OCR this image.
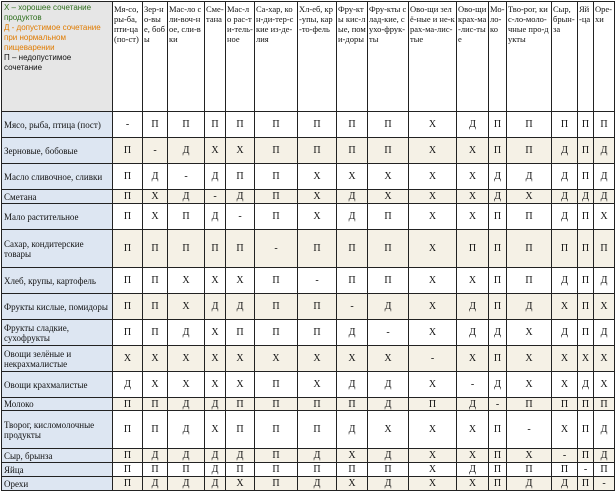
Х – хорошее сочетание продуктов
Д - допустимое сочетание при нормальном пищеварении
П – недопустимое сочетание	Мя-со, ры-ба, пти-ца (по-ст)	Зер-но-вые, бобы	Мас-ло сли-воч-ное, сли-вки	Сме-тана	Мас-ло рас-ти-тель-ное	Са-хар, кон-ди-тер-ские из-де-лия	Хл-еб, кр-упы, кар-то-фель	Фру-кты кис-лые, поми-доры	Фру-кты слад-кие, сухо-фрук-ты	Ово-щи зелё-ные и не-крах-ма-лис-тые	Ово-щи крах-ма-лис-тые	Мо-ло-ко	Тво-рог, кис-ло-моло-чные про-дукты	Сыр, брын-за	Яй-ца	Оре-хи
Мясо, рыба, птица (пост)	-	П	П	П	П	П	П	П	П	Х	Д	П	П	П	П	П
Зерновые, бобовые	П	-	Д	Х	Х	П	П	П	П	Х	Х	П	П	Д	П	Д
Масло сливочное, сливки	П	Д	-	Д	П	П	Х	Х	Х	Х	Х	Д	Д	Д	П	Д
Сметана	П	Х	Д	-	Д	П	Х	Д	Х	Х	Х	Д	Х	Д	Д	Д
Мало растительное	П	Х	П	Д	-	П	Х	Д	П	Х	Х	П	П	Д	П	Х
Сахар, кондитерские товары	П	П	П	П	П	-	П	П	П	Х	П	П	П	П	П	П
Хлеб, крупы, картофель	П	П	Х	Х	Х	П	-	П	П	Х	Х	П	П	Д	П	Д
Фрукты кислые, помидоры	П	П	Х	Д	Д	П	П	-	Д	Х	Д	П	Д	Х	П	Х
Фрукты сладкие, сухофрукты	П	П	Д	Х	П	П	П	Д	-	Х	Д	Д	Х	Д	П	Д
Овощи зелёные и некрахмалистые	Х	Х	Х	Х	Х	Х	Х	Х	Х	-	Х	П	Х	Х	Х	Х
Овощи крахмалистые	Д	Х	Х	Х	Х	П	Х	Д	Д	Х	-	Д	Х	Х	Д	Х
Молоко	П	П	Д	Д	П	П	П	П	Д	П	Д	-	П	П	П	П
Творог, кисломолочные продукты	П	П	Д	Х	П	П	П	Д	Х	Х	Х	П	-	Х	П	Д
Сыр, брынза	П	Д	Д	Д	Д	П	Д	Х	Д	Х	Х	П	Х	-	П	Д
Яйца	П	П	П	Д	П	П	П	П	П	Х	Д	П	П	П	-	П
Орехи	П	Д	Д	Д	Х	П	Д	Х	Д	Х	Х	П	Д	Д	П	-
